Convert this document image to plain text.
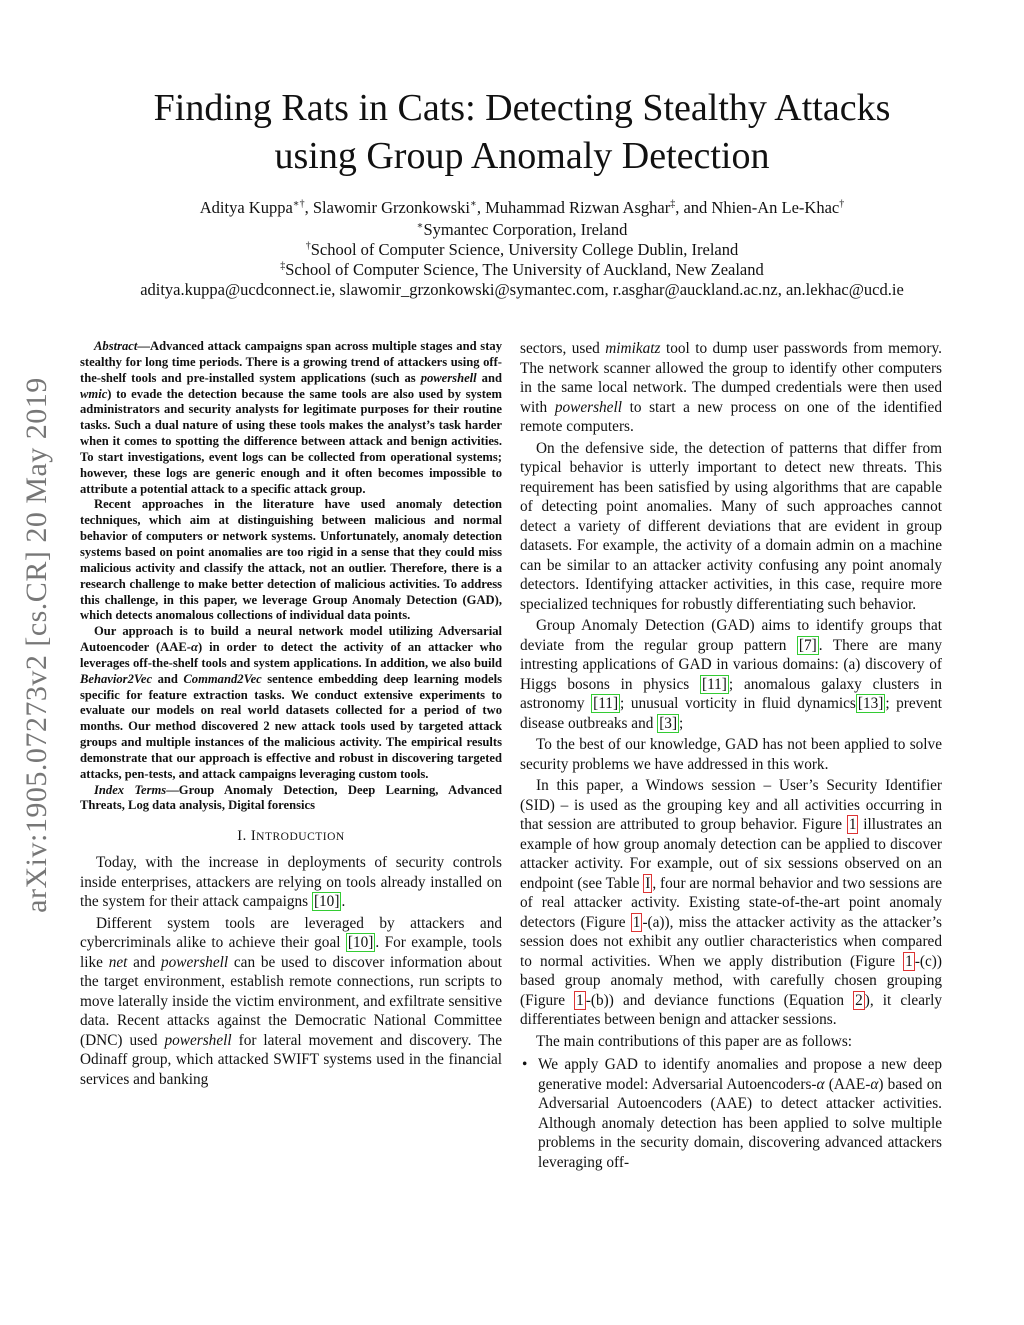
arXiv:1905.07273v2 [cs.CR] 20 May 2019
Finding Rats in Cats: Detecting Stealthy Attacks
using Group Anomaly Detection
Aditya Kuppa∗†, Slawomir Grzonkowski∗, Muhammad Rizwan Asghar‡, and Nhien-An Le-Khac†
∗Symantec Corporation, Ireland
†School of Computer Science, University College Dublin, Ireland
‡School of Computer Science, The University of Auckland, New Zealand
aditya.kuppa@ucdconnect.ie, slawomir_grzonkowski@symantec.com, r.asghar@auckland.ac.nz, an.lekhac@ucd.ie

Abstract—Advanced attack campaigns span across multiple stages and stay stealthy for long time periods. There is a growing trend of attackers using off-the-shelf tools and pre-installed system applications (such as powershell and wmic) to evade the detection because the same tools are also used by system administrators and security analysts for legitimate purposes for their routine tasks. Such a dual nature of using these tools makes the analyst’s task harder when it comes to spotting the difference between attack and benign activities. To start investigations, event logs can be collected from operational systems; however, these logs are generic enough and it often becomes impossible to attribute a potential attack to a specific attack group.

Recent approaches in the literature have used anomaly detection techniques, which aim at distinguishing between malicious and normal behavior of computers or network systems. Unfortunately, anomaly detection systems based on point anomalies are too rigid in a sense that they could miss malicious activity and classify the attack, not an outlier. Therefore, there is a research challenge to make better detection of malicious activities. To address this challenge, in this paper, we leverage Group Anomaly Detection (GAD), which detects anomalous collections of individual data points.

Our approach is to build a neural network model utilizing Adversarial Autoencoder (AAE-α) in order to detect the activity of an attacker who leverages off-the-shelf tools and system applications. In addition, we also build Behavior2Vec and Command2Vec sentence embedding deep learning models specific for feature extraction tasks. We conduct extensive experiments to evaluate our models on real world datasets collected for a period of two months. Our method discovered 2 new attack tools used by targeted attack groups and multiple instances of the malicious activity. The empirical results demonstrate that our approach is effective and robust in discovering targeted attacks, pen-tests, and attack campaigns leveraging custom tools.

Index Terms—Group Anomaly Detection, Deep Learning, Advanced Threats, Log data analysis, Digital forensics

I. INTRODUCTION

Today, with the increase in deployments of security controls inside enterprises, attackers are relying on tools already installed on the system for their attack campaigns [10] .

Different system tools are leveraged by attackers and cybercriminals alike to achieve their goal [10] . For example, tools like net and powershell can be used to discover information about the target environment, establish remote connections, run scripts to move laterally inside the victim environment, and exfiltrate sensitive data. Recent attacks against the Democratic National Committee (DNC) used powershell for lateral movement and discovery. The Odinaff group, which attacked SWIFT systems used in the financial services and banking

sectors, used mimikatz tool to dump user passwords from memory. The network scanner allowed the group to identify other computers in the same local network. The dumped credentials were then used with powershell to start a new process on one of the identified remote computers.

On the defensive side, the detection of patterns that differ from typical behavior is utterly important to detect new threats. This requirement has been satisfied by using algorithms that are capable of detecting point anomalies. Many of such approaches cannot detect a variety of different deviations that are evident in group datasets. For example, the activity of a domain admin on a machine can be similar to an attacker activity confusing any point anomaly detectors. Identifying attacker activities, in this case, require more specialized techniques for robustly differentiating such behavior.

Group Anomaly Detection (GAD) aims to identify groups that deviate from the regular group pattern [7] . There are many intresting applications of GAD in various domains: (a) discovery of Higgs bosons in physics [11] ; anomalous galaxy clusters in astronomy [11] ; unusual vorticity in fluid dynamics [13] ; prevent disease outbreaks and [3] ;

To the best of our knowledge, GAD has not been applied to solve security problems we have addressed in this work.

In this paper, a Windows session – User’s Security Identifier (SID) – is used as the grouping key and all activities occurring in that session are attributed to group behavior. Figure 1 illustrates an example of how group anomaly detection can be applied to discover attacker activity. For example, out of six sessions observed on an endpoint (see Table I , four are normal behavior and two sessions are of real attacker activity. Existing state-of-the-art point anomaly detectors (Figure 1 -(a)), miss the attacker activity as the attacker’s session does not exhibit any outlier characteristics when compared to normal activities. When we apply distribution (Figure 1 -(c)) based group anomaly method, with carefully chosen grouping (Figure 1 -(b)) and deviance functions (Equation 2 ), it clearly differentiates between benign and attacker sessions.

The main contributions of this paper are as follows:

• We apply GAD to identify anomalies and propose a new deep generative model: Adversarial Autoencoders-α (AAE-α) based on Adversarial Autoencoders (AAE) to detect attacker activities. Although anomaly detection has been applied to solve multiple problems in the security domain, discovering advanced attackers leveraging off-
